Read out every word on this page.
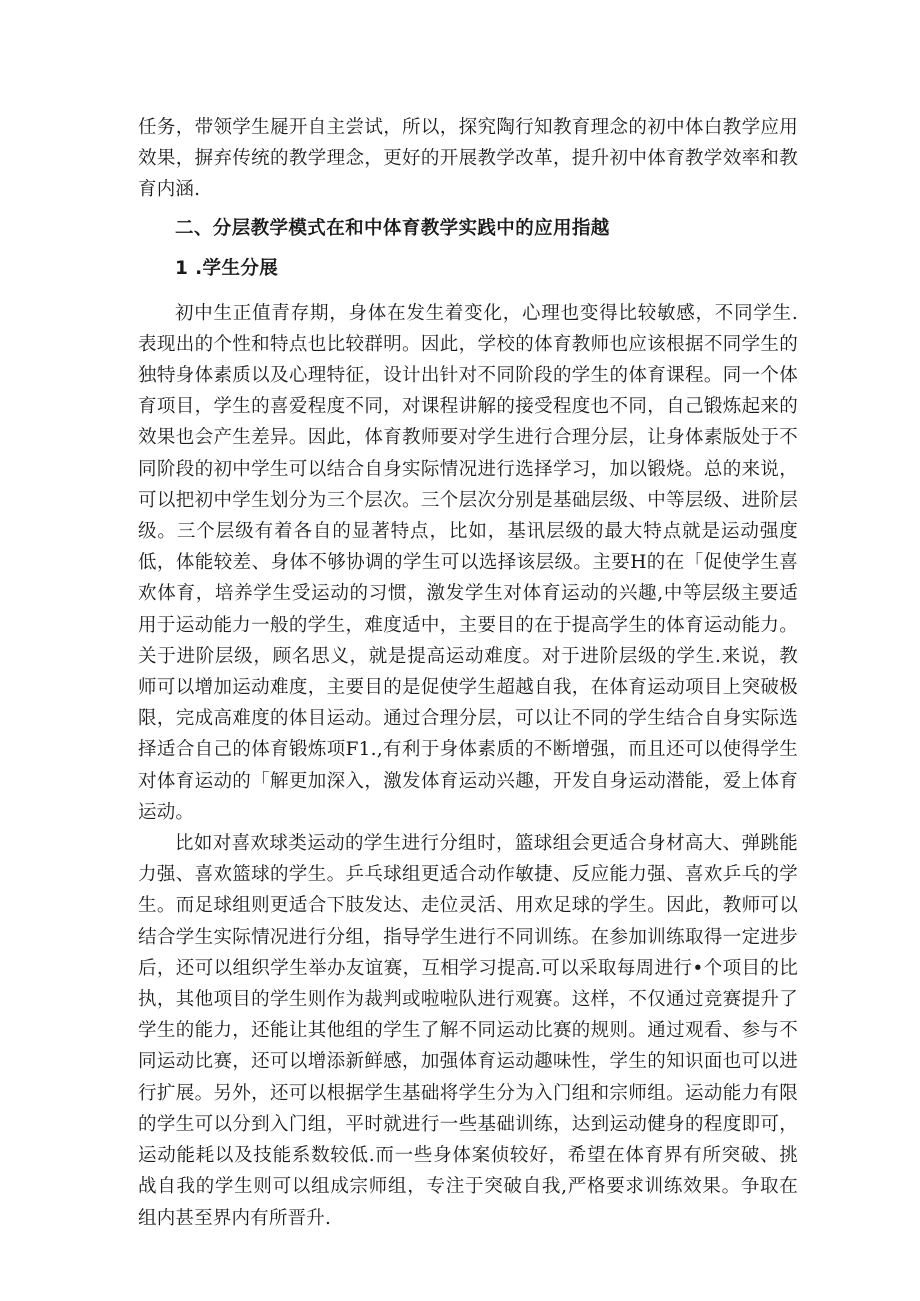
任务，带领学生屣开自主尝试，所以，探究陶行知教育理念的初中体白教学应用效果，摒弃传统的教学理念，更好的开展教学改革，提升初中体育教学效率和教育内涵.

二、分层教学模式在和中体育教学实践中的应用指越
1 .学生分展

初中生正值青存期，身体在发生着变化，心理也变得比较敏感，不同学生.表现出的个性和特点也比较群明。因此，学校的体育教师也应该根据不同学生的独特身体素质以及心理特征，设计出针对不同阶段的学生的体育课程。同一个体育项目，学生的喜爱程度不同，对课程讲解的接受程度也不同，自己锻炼起来的效果也会产生差异。因此，体育教师要对学生进行合理分层，让身体素版处于不同阶段的初中学生可以结合自身实际情况进行选择学习，加以锻烧。总的来说，可以把初中学生划分为三个层次。三个层次分别是基础层级、中等层级、进阶层级。三个层级有着各自的显著特点，比如，基讯层级的最大特点就是运动强度低，体能较差、身体不够协调的学生可以选择该层级。主要H的在「促使学生喜欢体育，培养学生受运动的习惯，激发学生对体育运动的兴趣,中等层级主要适用于运动能力一般的学生，难度适中，主要目的在于提高学生的体育运动能力。关于进阶层级，顾名思义，就是提高运动难度。对于进阶层级的学生.来说，教师可以增加运动难度，主要目的是促使学生超越自我，在体育运动项目上突破极限，完成高难度的体目运动。通过合理分层，可以让不同的学生结合自身实际选择适合自己的体育锻炼项F1.,有利于身体素质的不断增强，而且还可以使得学生对体育运动的「解更加深入，激发体育运动兴趣，开发自身运动潜能，爱上体育运动。

比如对喜欢球类运动的学生进行分组时，篮球组会更适合身材高大、弹跳能力强、喜欢篮球的学生。乒乓球组更适合动作敏捷、反应能力强、喜欢乒乓的学生。而足球组则更适合下肢发达、走位灵活、用欢足球的学生。因此，教师可以结合学生实际情况进行分组，指导学生进行不同训练。在参加训练取得一定进步后，还可以组织学生举办友谊赛，互相学习提高.可以采取每周进行•个项目的比执，其他项目的学生则作为裁判或啦啦队进行观赛。这样，不仅通过竞赛提升了学生的能力，还能让其他组的学生了解不同运动比赛的规则。通过观看、参与不同运动比赛，还可以增添新鲜感，加强体育运动趣味性，学生的知识面也可以进行扩展。另外，还可以根据学生基础将学生分为入门组和宗师组。运动能力有限的学生可以分到入门组，平时就进行一些基础训练，达到运动健身的程度即可，运动能耗以及技能系数较低.而一些身体案侦较好，希望在体育界有所突破、挑战自我的学生则可以组成宗师组，专注于突破自我,严格要求训练效果。争取在组内甚至界内有所晋升.
